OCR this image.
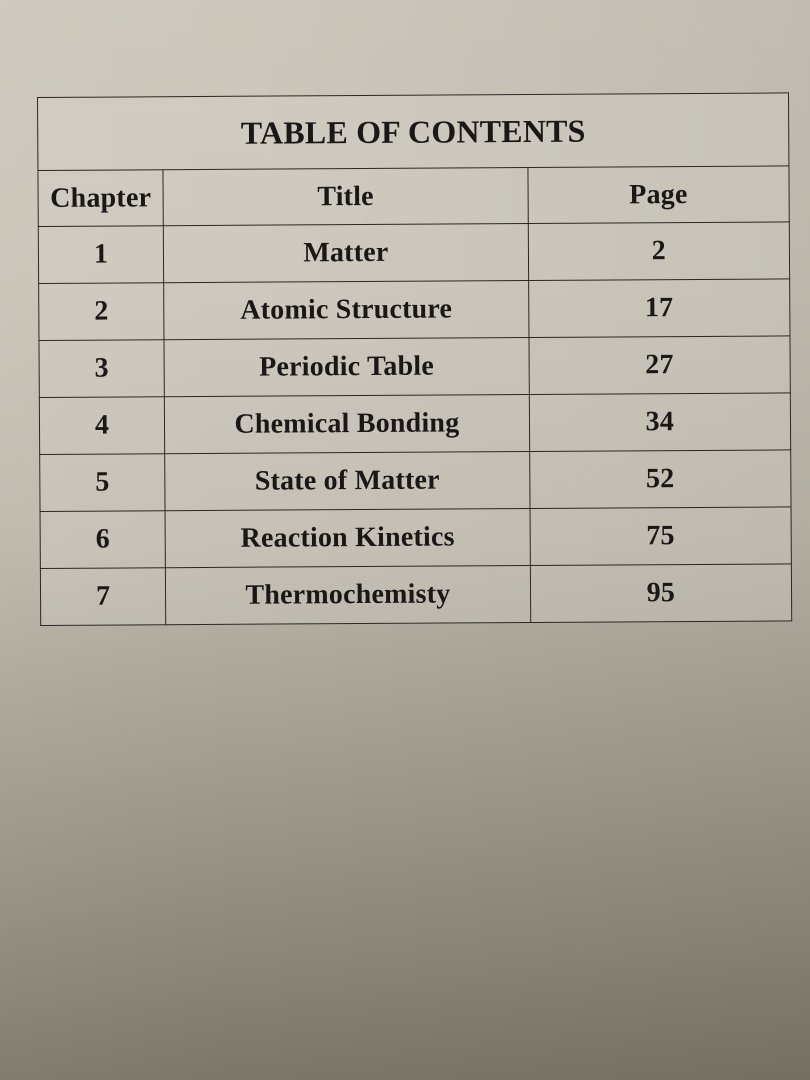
TABLE OF CONTENTS		
Chapter	Title	Page
1	Matter	2
2	Atomic Structure	17
3	Periodic Table	27
4	Chemical Bonding	34
5	State of Matter	52
6	Reaction Kinetics	75
7	Thermochemisty	95
